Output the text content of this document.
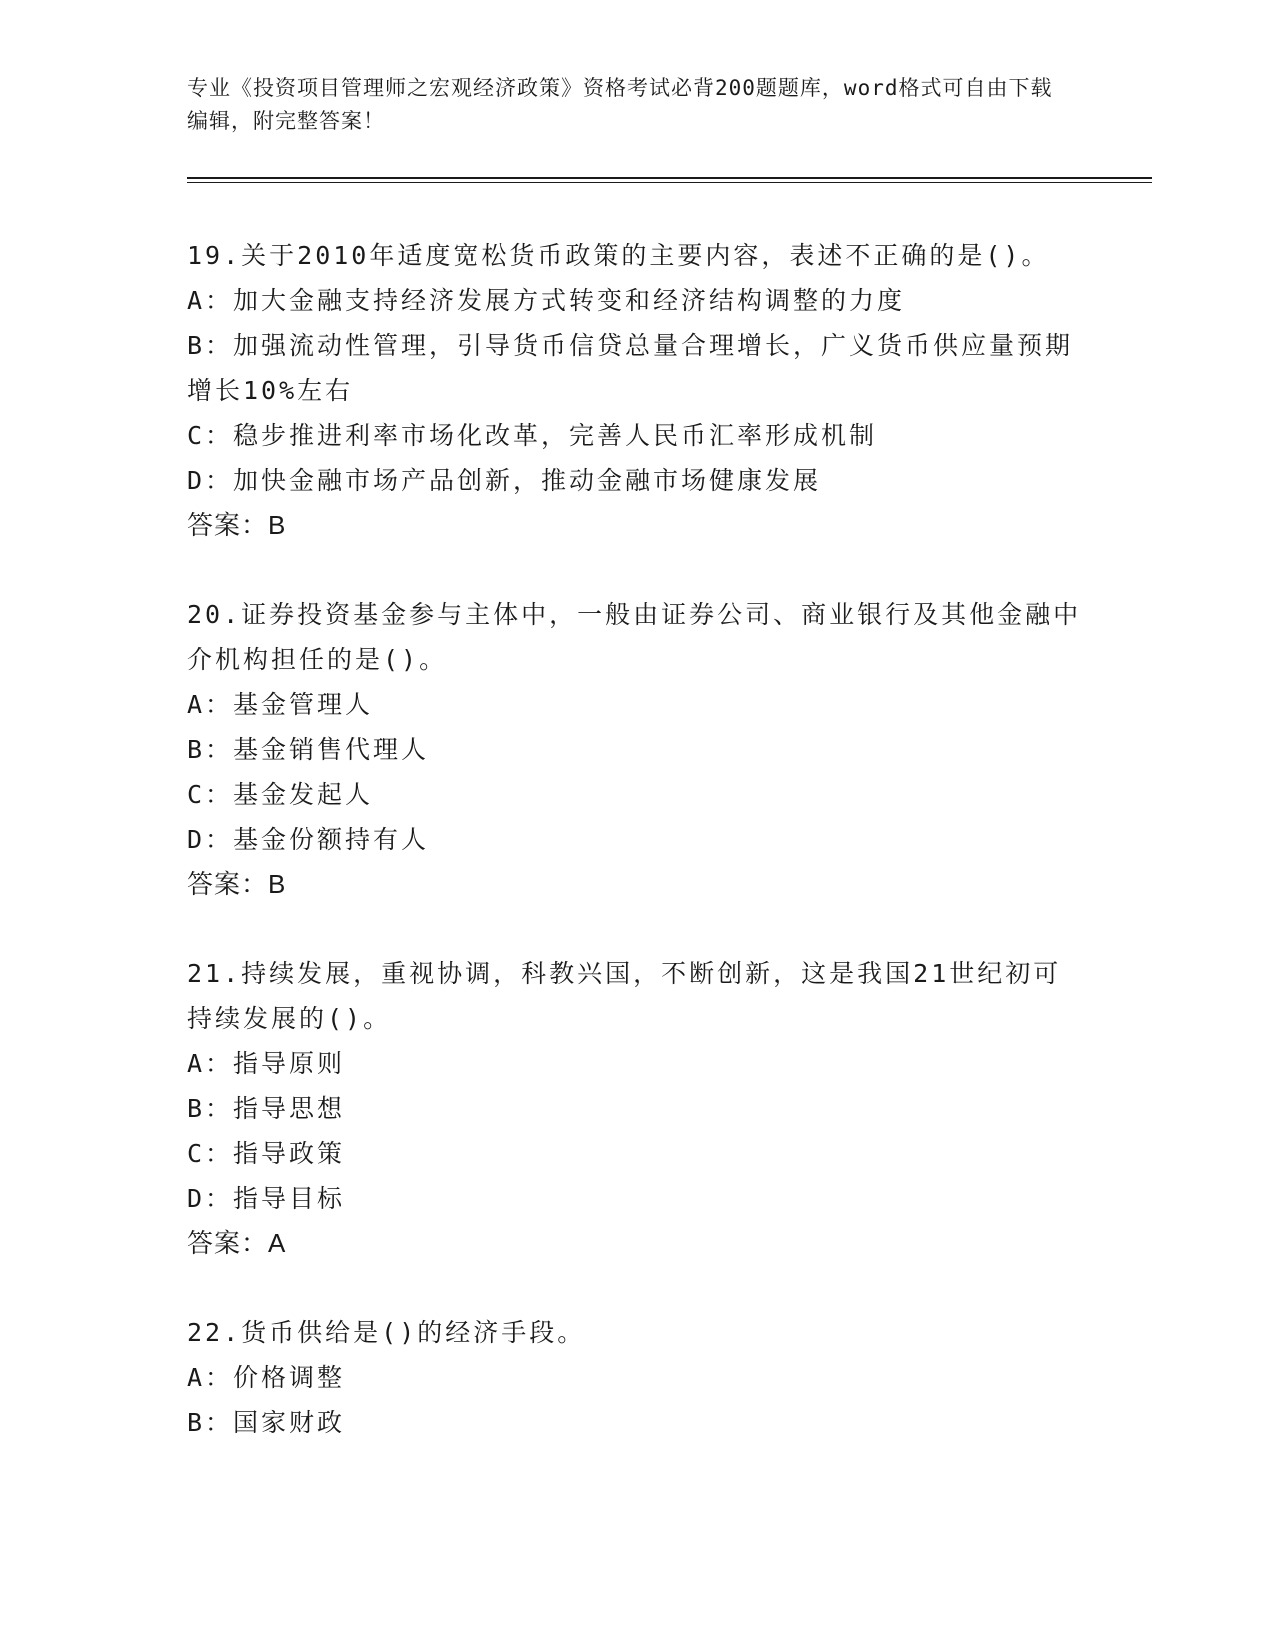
专业《投资项目管理师之宏观经济政策》资格考试必背200题题库，word格式可自由下载编辑，附完整答案！
19.关于2010年适度宽松货币政策的主要内容，表述不正确的是()。
A：加大金融支持经济发展方式转变和经济结构调整的力度
B：加强流动性管理，引导货币信贷总量合理增长，广义货币供应量预期增长10%左右
C：稳步推进利率市场化改革，完善人民币汇率形成机制
D：加快金融市场产品创新，推动金融市场健康发展
答案：B
20.证券投资基金参与主体中，一般由证券公司、商业银行及其他金融中介机构担任的是()。
A：基金管理人
B：基金销售代理人
C：基金发起人
D：基金份额持有人
答案：B
21.持续发展，重视协调，科教兴国，不断创新，这是我国21世纪初可持续发展的()。
A：指导原则
B：指导思想
C：指导政策
D：指导目标
答案：A
22.货币供给是()的经济手段。
A：价格调整
B：国家财政
